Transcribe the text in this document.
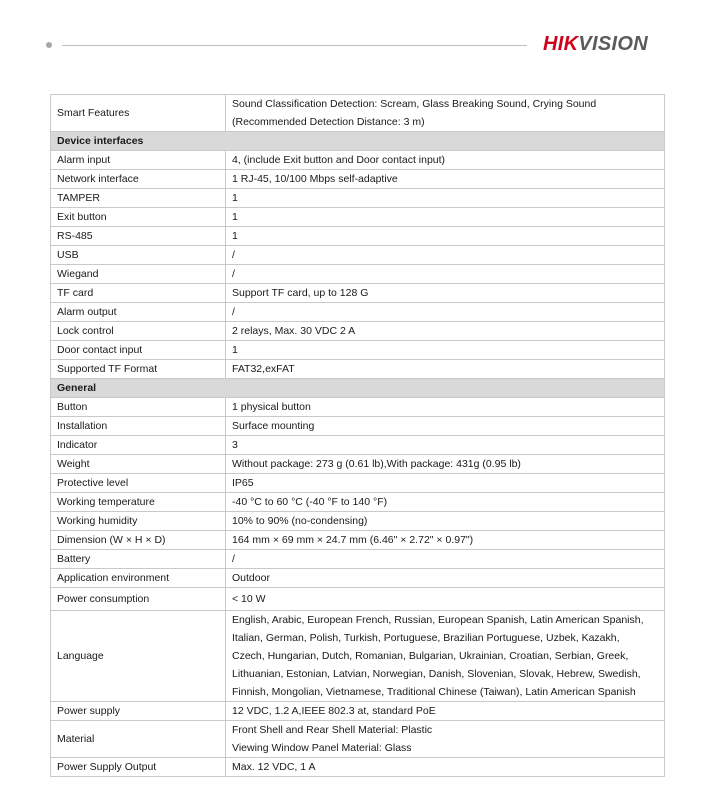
HIKVISION
Smart Features	Sound Classification Detection: Scream, Glass Breaking Sound, Crying Sound
(Recommended Detection Distance: 3 m)
Device interfaces	
Alarm input	4, (include Exit button and Door contact input)
Network interface	1 RJ-45, 10/100 Mbps self-adaptive
TAMPER	1
Exit button	1
RS-485	1
USB	/
Wiegand	/
TF card	Support TF card, up to 128 G
Alarm output	/
Lock control	2 relays, Max. 30 VDC 2 A
Door contact input	1
Supported TF Format	FAT32,exFAT
General	
Button	1 physical button
Installation	Surface mounting
Indicator	3
Weight	Without package: 273 g (0.61 lb),With package: 431g (0.95 lb)
Protective level	IP65
Working temperature	-40 °C to 60 °C (-40 °F to 140 °F)
Working humidity	10% to 90% (no-condensing)
Dimension (W × H × D)	164 mm × 69 mm × 24.7 mm (6.46" × 2.72" × 0.97")
Battery	/
Application environment	Outdoor
Power consumption	< 10 W
Language	English, Arabic, European French, Russian, European Spanish, Latin American Spanish,
Italian, German, Polish, Turkish, Portuguese, Brazilian Portuguese, Uzbek, Kazakh,
Czech, Hungarian, Dutch, Romanian, Bulgarian, Ukrainian, Croatian, Serbian, Greek,
Lithuanian, Estonian, Latvian, Norwegian, Danish, Slovenian, Slovak, Hebrew, Swedish,
Finnish, Mongolian, Vietnamese, Traditional Chinese (Taiwan), Latin American Spanish
Power supply	12 VDC, 1.2 A,IEEE 802.3 at, standard PoE
Material	Front Shell and Rear Shell Material: Plastic
Viewing Window Panel Material: Glass
Power Supply Output	Max. 12 VDC, 1 A
